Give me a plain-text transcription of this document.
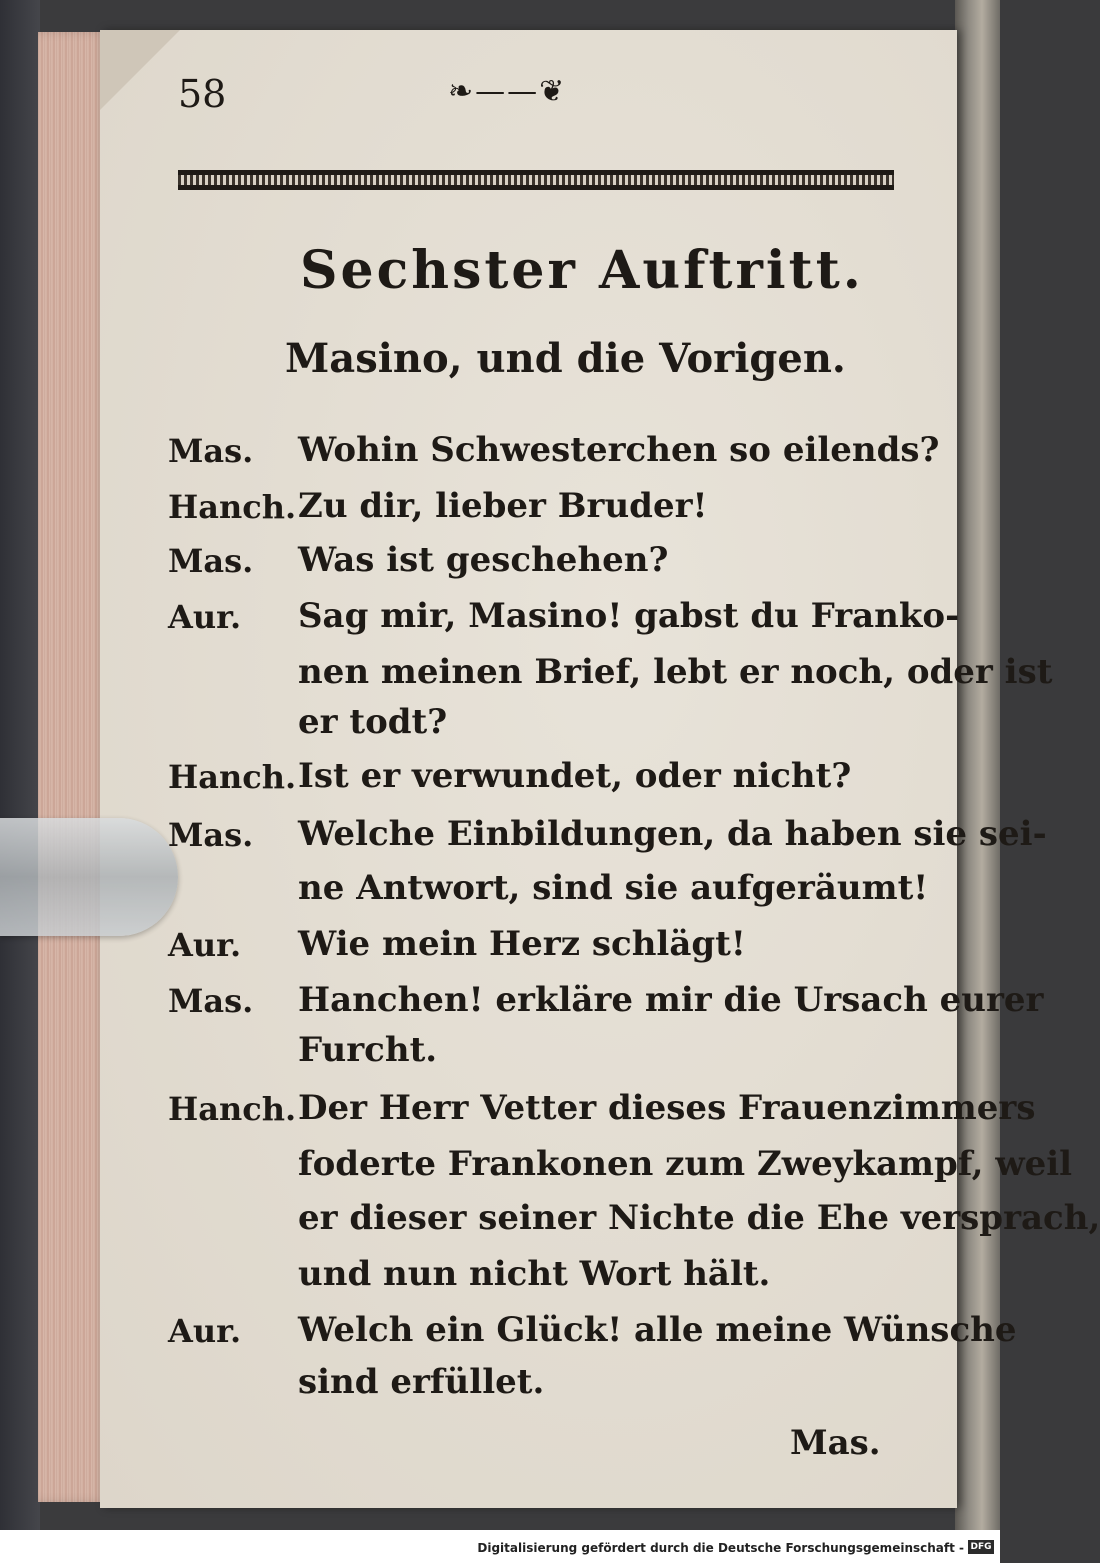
58	❧——❦
Sechster Auftritt.
Masino, und die Vorigen.
Mas. Wohin Schwesterchen so eilends?
Hanch. Zu dir, lieber Bruder!
Mas. Was ist geschehen?
Aur. Sag mir, Masino! gabst du Franko-
nen meinen Brief, lebt er noch, oder ist
er todt?
Hanch. Ist er verwundet, oder nicht?
Mas. Welche Einbildungen, da haben sie sei-
ne Antwort, sind sie aufgeräumt!
Aur. Wie mein Herz schlägt!
Mas. Hanchen! erkläre mir die Ursach eurer
Furcht.
Hanch. Der Herr Vetter dieses Frauenzimmers
foderte Frankonen zum Zweykampf, weil
er dieser seiner Nichte die Ehe versprach,
und nun nicht Wort hält.
Aur. Welch ein Glück! alle meine Wünsche
sind erfüllet.
Mas.
Digitalisierung gefördert durch die Deutsche Forschungsgemeinschaft - DFG
